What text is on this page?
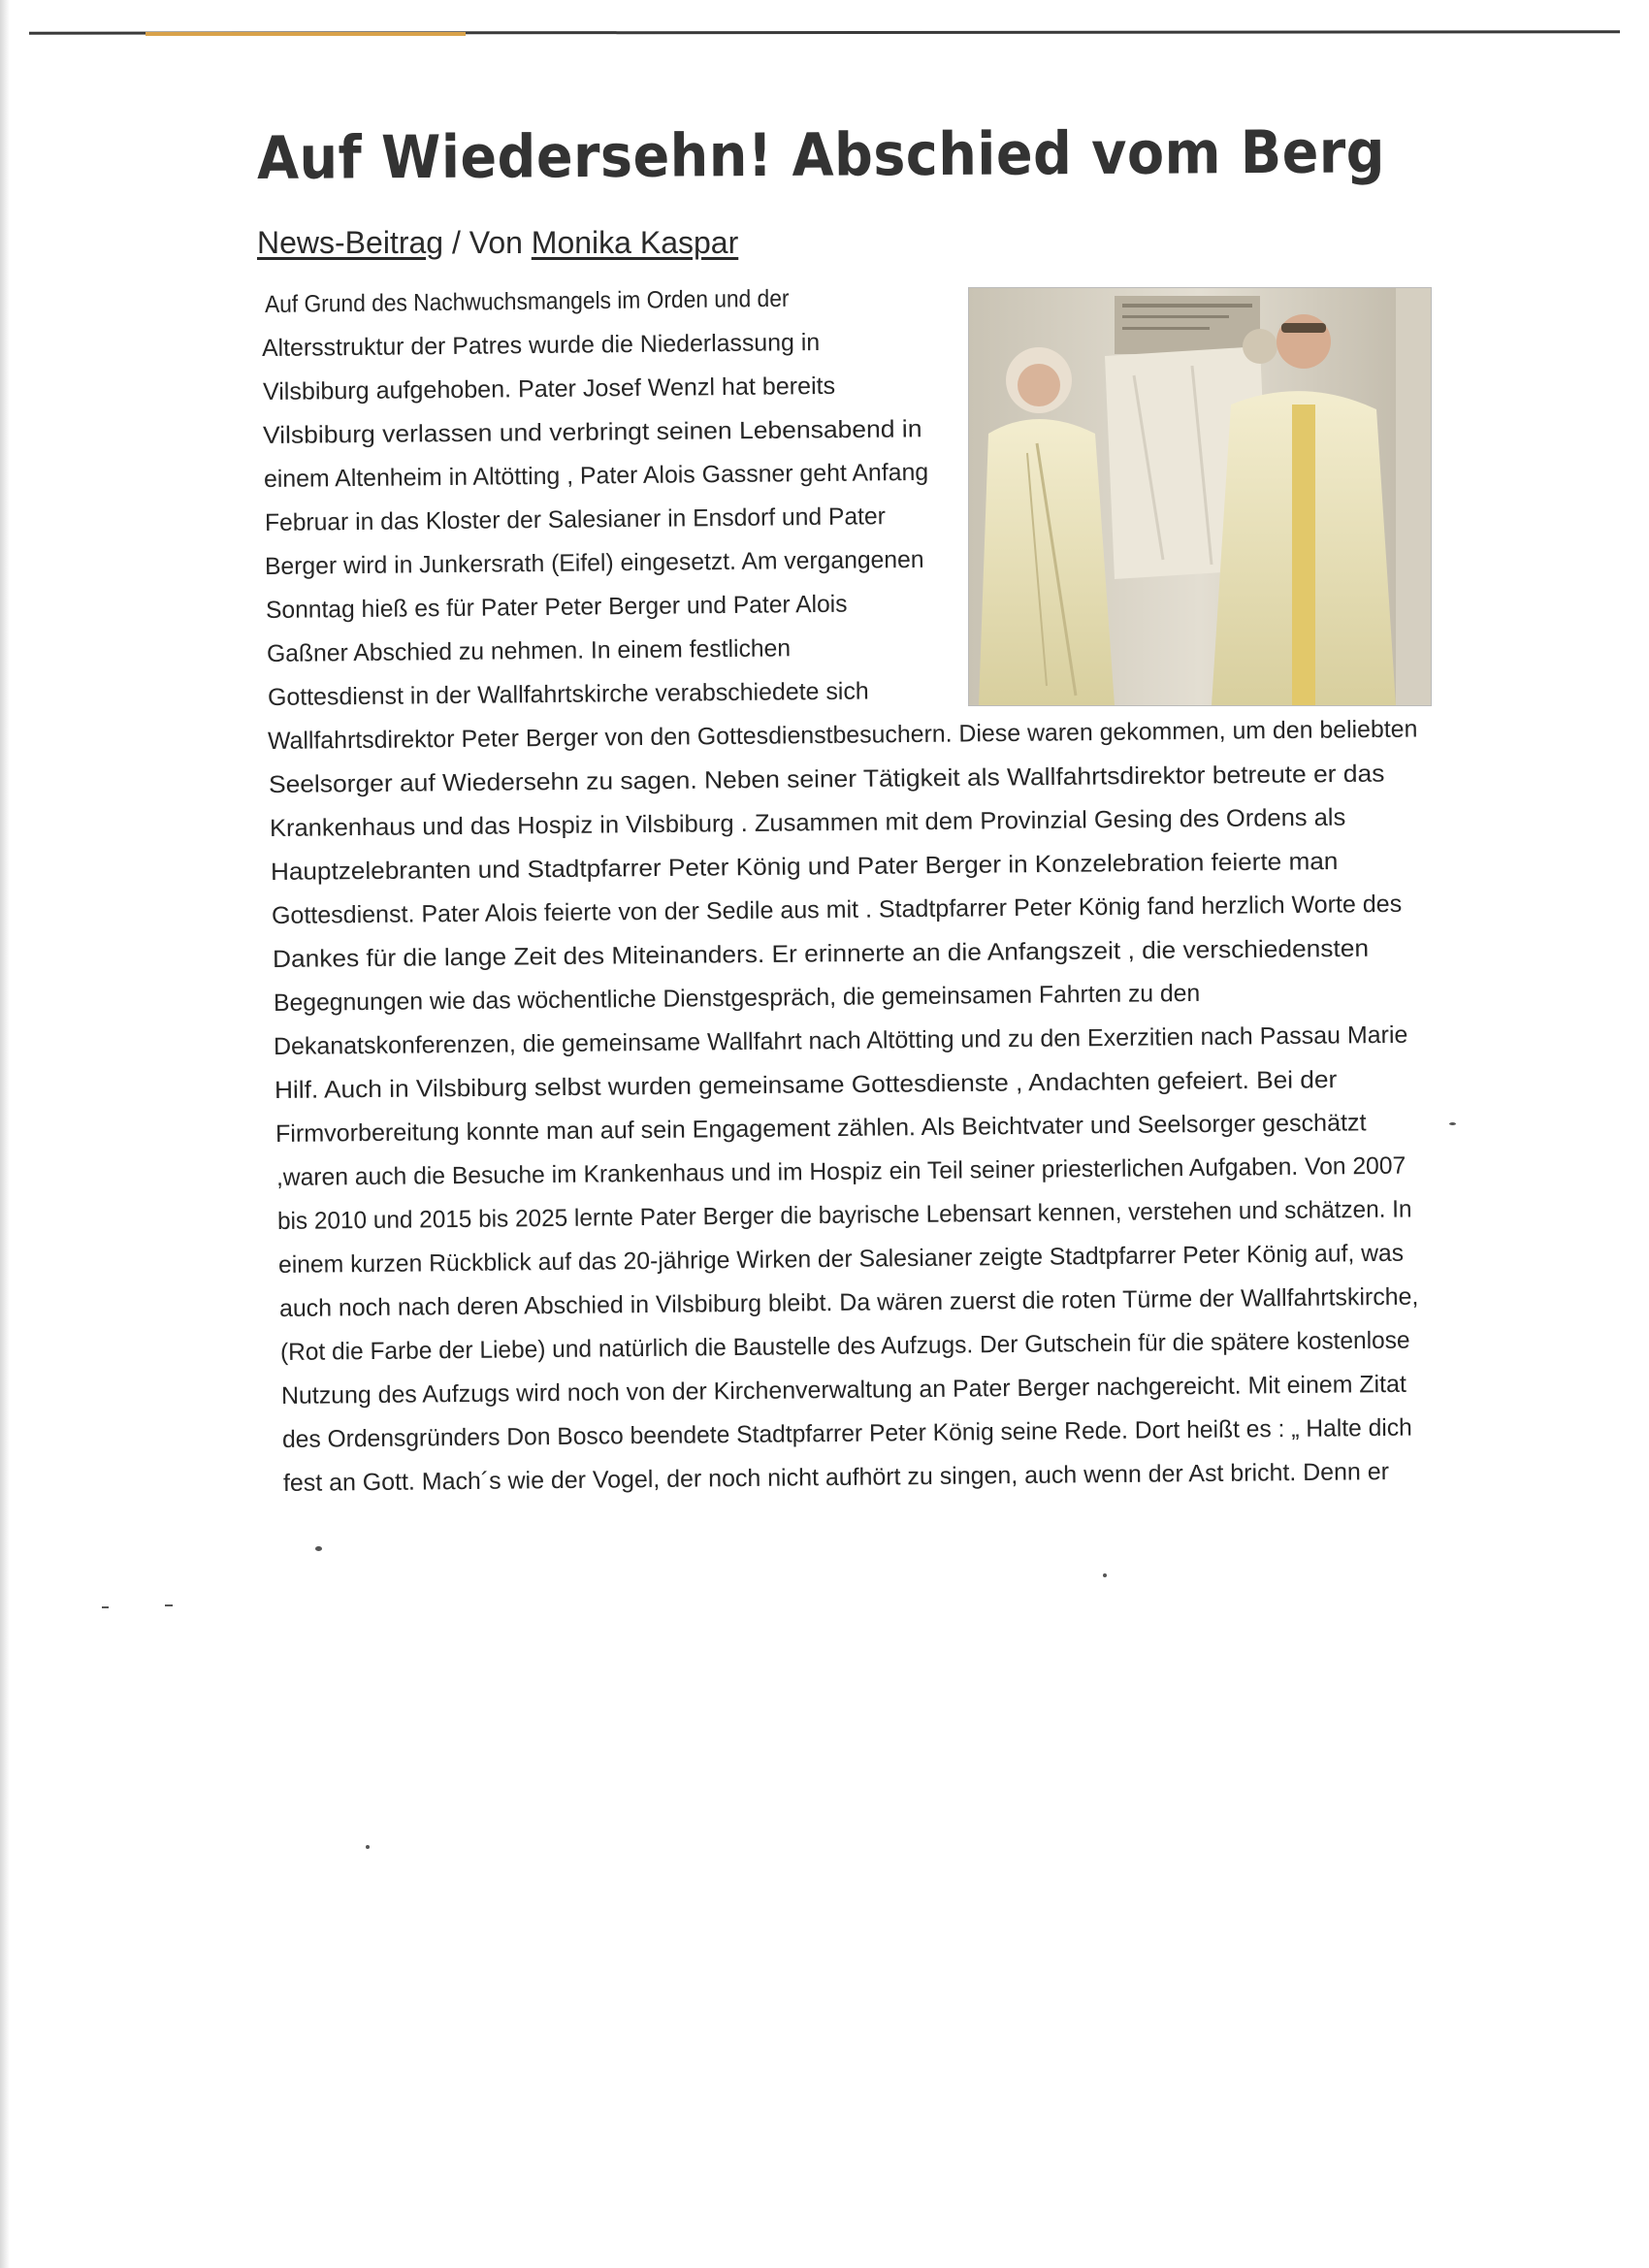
Auf Wiedersehn! Abschied vom Berg
News-Beitrag / Von Monika Kaspar
Auf Grund des Nachwuchsmangels im Orden und der
Altersstruktur der Patres wurde die Niederlassung in
Vilsbiburg aufgehoben. Pater Josef Wenzl hat bereits
Vilsbiburg verlassen und verbringt seinen Lebensabend in
einem Altenheim in Altötting , Pater Alois Gassner geht Anfang
Februar in das Kloster der Salesianer in Ensdorf und Pater
Berger wird in Junkersrath (Eifel) eingesetzt. Am vergangenen
Sonntag hieß es für Pater Peter Berger und Pater Alois
Gaßner Abschied zu nehmen. In einem festlichen
Gottesdienst in der Wallfahrtskirche verabschiedete sich
Wallfahrtsdirektor Peter Berger von den Gottesdienstbesuchern. Diese waren gekommen, um den beliebten
Seelsorger auf Wiedersehn zu sagen. Neben seiner Tätigkeit als Wallfahrtsdirektor betreute er das
Krankenhaus und das Hospiz in Vilsbiburg . Zusammen mit dem Provinzial Gesing des Ordens als
Hauptzelebranten und Stadtpfarrer Peter König und Pater Berger in Konzelebration feierte man
Gottesdienst. Pater Alois feierte von der Sedile aus mit . Stadtpfarrer Peter König fand herzlich Worte des
Dankes für die lange Zeit des Miteinanders. Er erinnerte an die Anfangszeit , die verschiedensten
Begegnungen wie das wöchentliche Dienstgespräch, die gemeinsamen Fahrten zu den
Dekanatskonferenzen, die gemeinsame Wallfahrt nach Altötting und zu den Exerzitien nach Passau Marie
Hilf. Auch in Vilsbiburg selbst wurden gemeinsame Gottesdienste , Andachten gefeiert. Bei der
Firmvorbereitung konnte man auf sein Engagement zählen. Als Beichtvater und Seelsorger geschätzt
,waren auch die Besuche im Krankenhaus und im Hospiz ein Teil seiner priesterlichen Aufgaben. Von 2007
bis 2010 und 2015 bis 2025 lernte Pater Berger die bayrische Lebensart kennen, verstehen und schätzen. In
einem kurzen Rückblick auf das 20-jährige Wirken der Salesianer zeigte Stadtpfarrer Peter König auf, was
auch noch nach deren Abschied in Vilsbiburg bleibt. Da wären zuerst die roten Türme der Wallfahrtskirche,
(Rot die Farbe der Liebe) und natürlich die Baustelle des Aufzugs. Der Gutschein für die spätere kostenlose
Nutzung des Aufzugs wird noch von der Kirchenverwaltung an Pater Berger nachgereicht. Mit einem Zitat
des Ordensgründers Don Bosco beendete Stadtpfarrer Peter König seine Rede. Dort heißt es : „ Halte dich
fest an Gott. Mach´s wie der Vogel, der noch nicht aufhört zu singen, auch wenn der Ast bricht. Denn er
